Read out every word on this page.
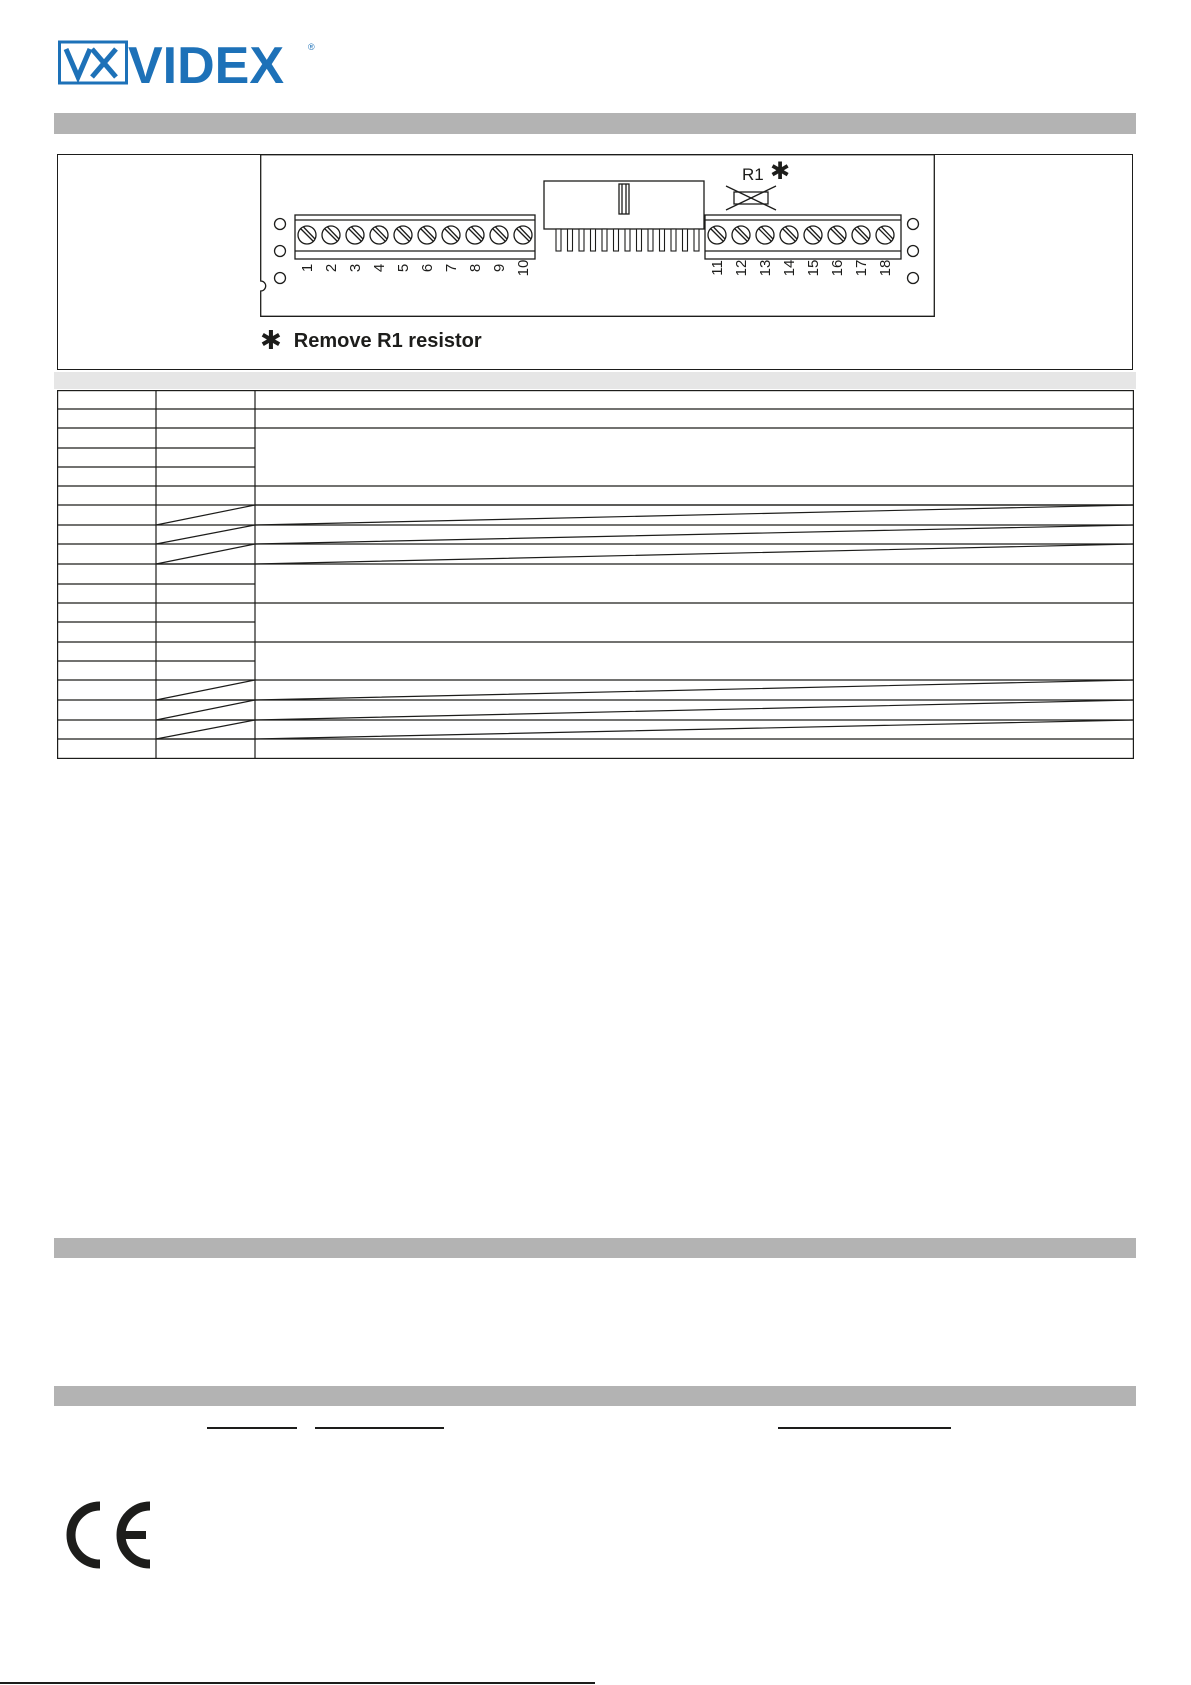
VIDEX	®
R1 ✱
1 2 3 4 5 6 7 8 9 10	11 12 13 14 15 16 17 18
✱ Remove R1 resistor
